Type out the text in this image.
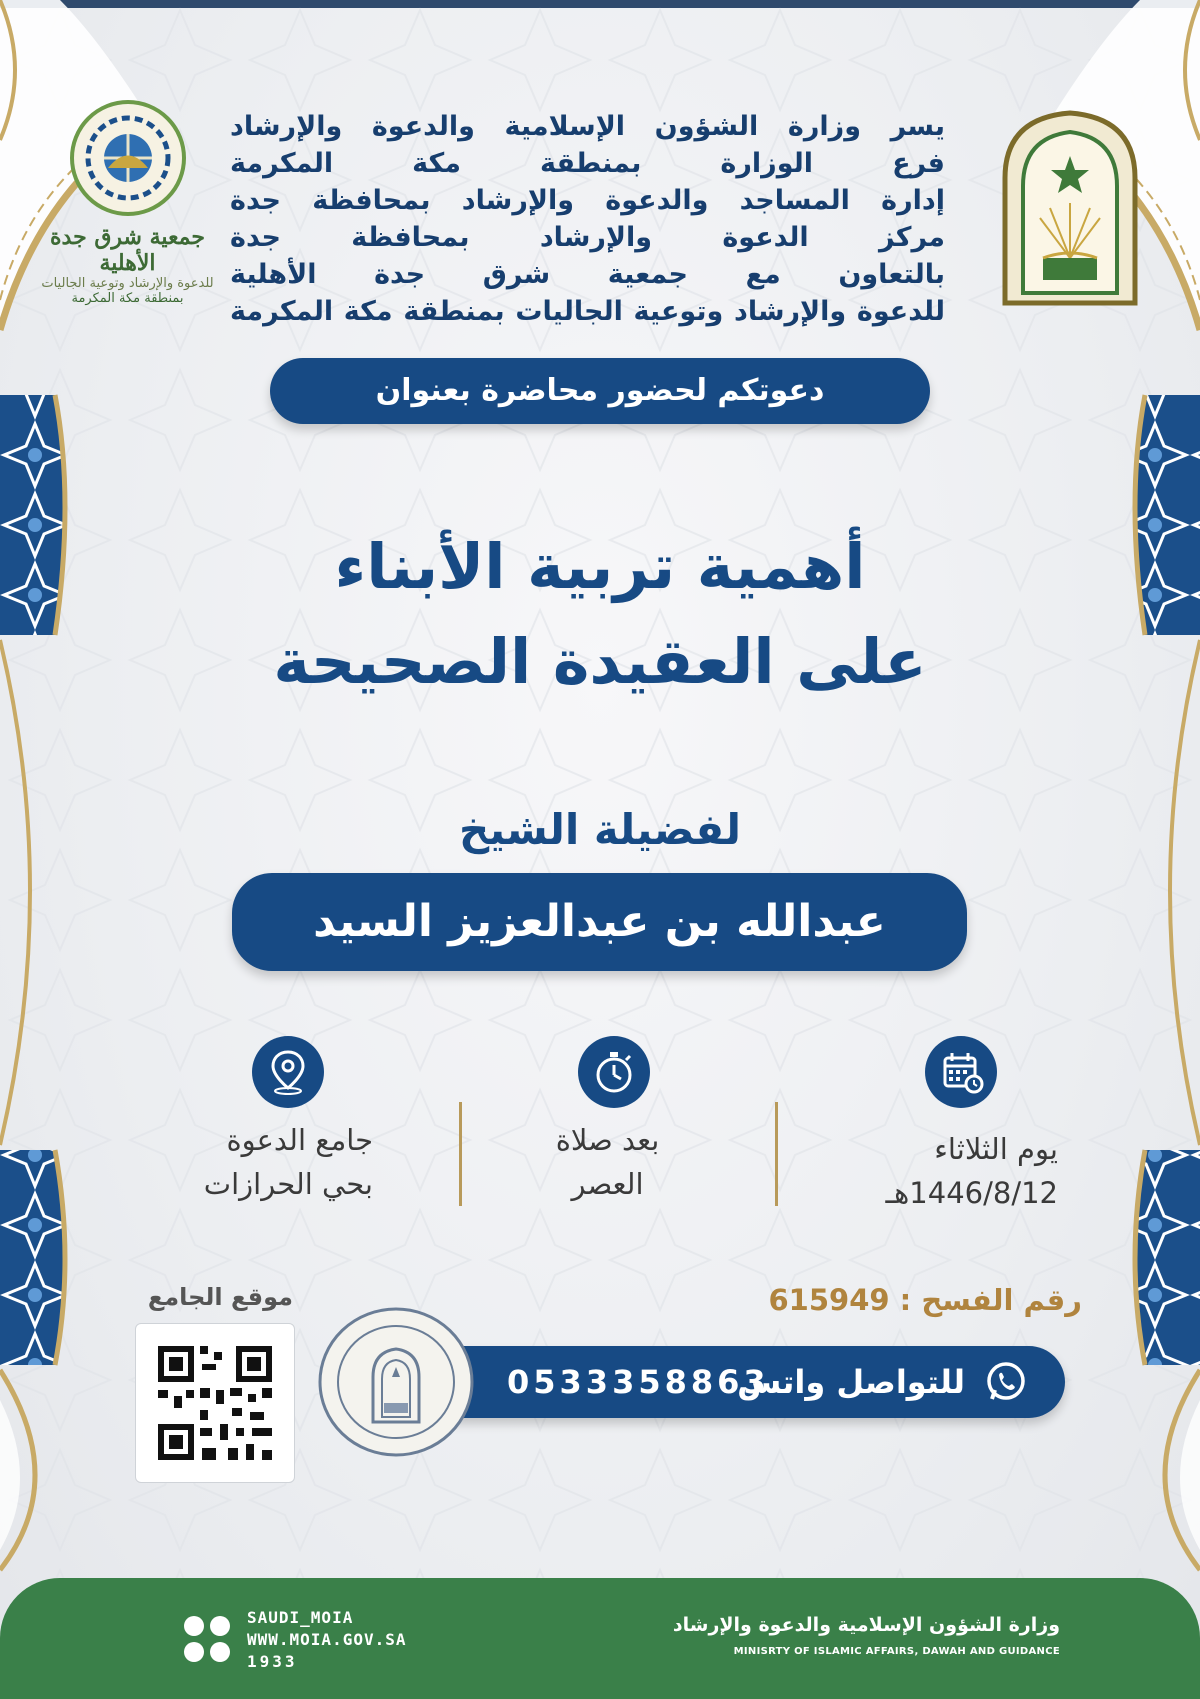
جمعية شرق جدة الأهلية
للدعوة والإرشاد وتوعية الجاليات
بمنطقة مكة المكرمة
يسر وزارة الشؤون الإسلامية والدعوة والإرشاد
فرع الوزارة بمنطقة مكة المكرمة
إدارة المساجد والدعوة والإرشاد بمحافظة جدة
مركز الدعوة والإرشاد بمحافظة جدة
بالتعاون مع جمعية شرق جدة الأهلية
للدعوة والإرشاد وتوعية الجاليات بمنطقة مكة المكرمة
دعوتكم لحضور محاضرة بعنوان
أهمية تربية الأبناء
على العقيدة الصحيحة
لفضيلة الشيخ
عبدالله بن عبدالعزيز السيد
يوم الثلاثاء
1446/8/12هـ
بعد صلاة
العصر
جامع الدعوة
بحي الحرازات
رقم الفسح : 615949
موقع الجامع
للتواصل واتس
0533358863
SAUDI_MOIA
WWW.MOIA.GOV.SA
1933
وزارة الشؤون الإسلامية والدعوة والإرشاد
MINISRTY OF ISLAMIC AFFAIRS, DAWAH AND GUIDANCE
